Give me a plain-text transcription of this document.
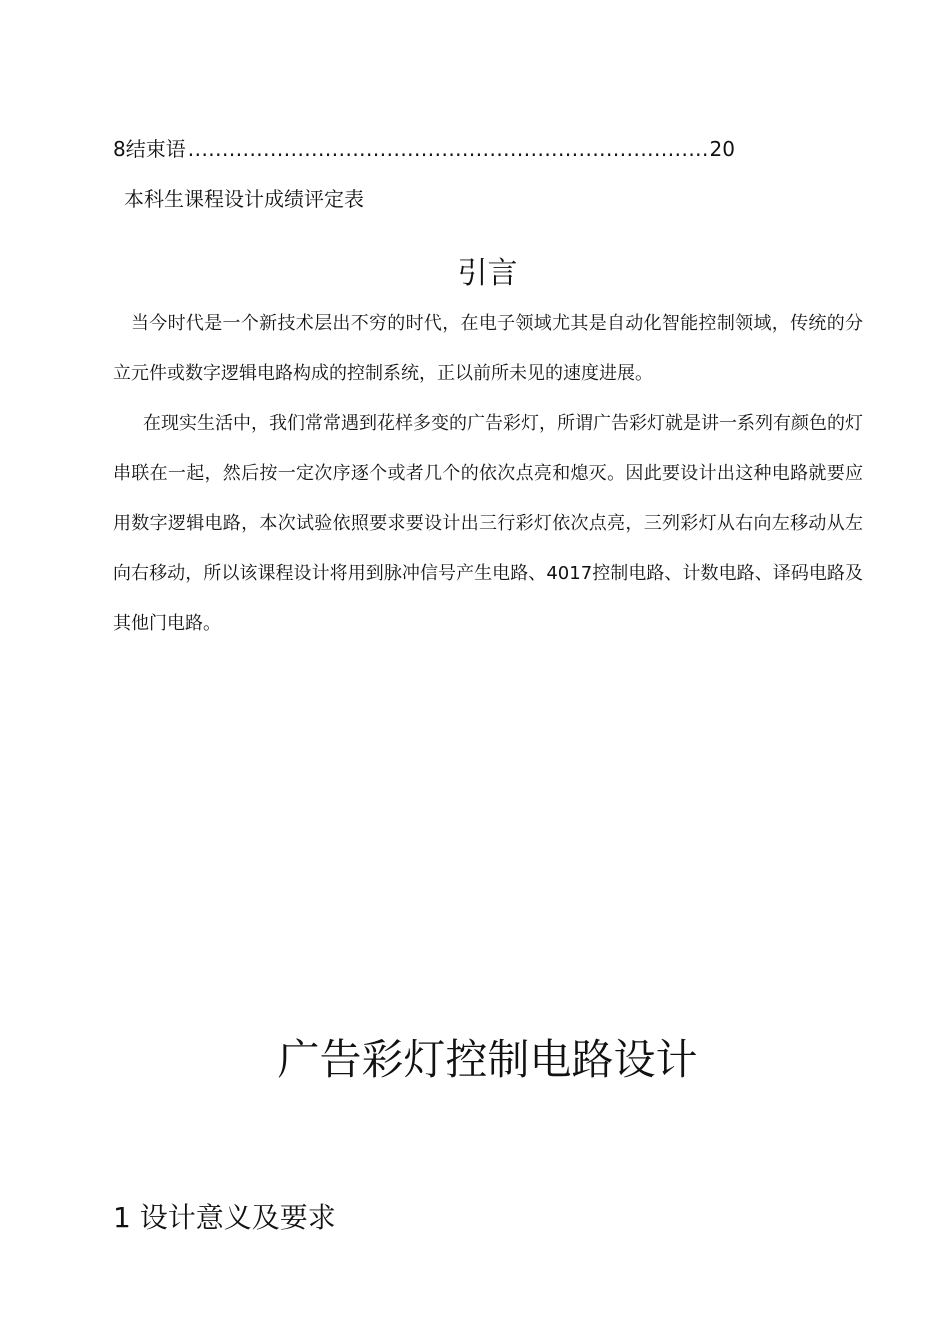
8结束语
.....	20
本科生课程设计成绩评定表
引言

当今时代是一个新技术层出不穷的时代，在电子领域尤其是自动化智能控制领域，传统的分立元件或数字逻辑电路构成的控制系统，正以前所未见的速度进展。

在现实生活中，我们常常遇到花样多变的广告彩灯，所谓广告彩灯就是讲一系列有颜色的灯串联在一起，然后按一定次序逐个或者几个的依次点亮和熄灭。因此要设计出这种电路就要应用数字逻辑电路，本次试验依照要求要设计出三行彩灯依次点亮，三列彩灯从右向左移动从左向右移动，所以该课程设计将用到脉冲信号产生电路、4017控制电路、计数电路、译码电路及其他门电路。

广告彩灯控制电路设计
1 设计意义及要求
